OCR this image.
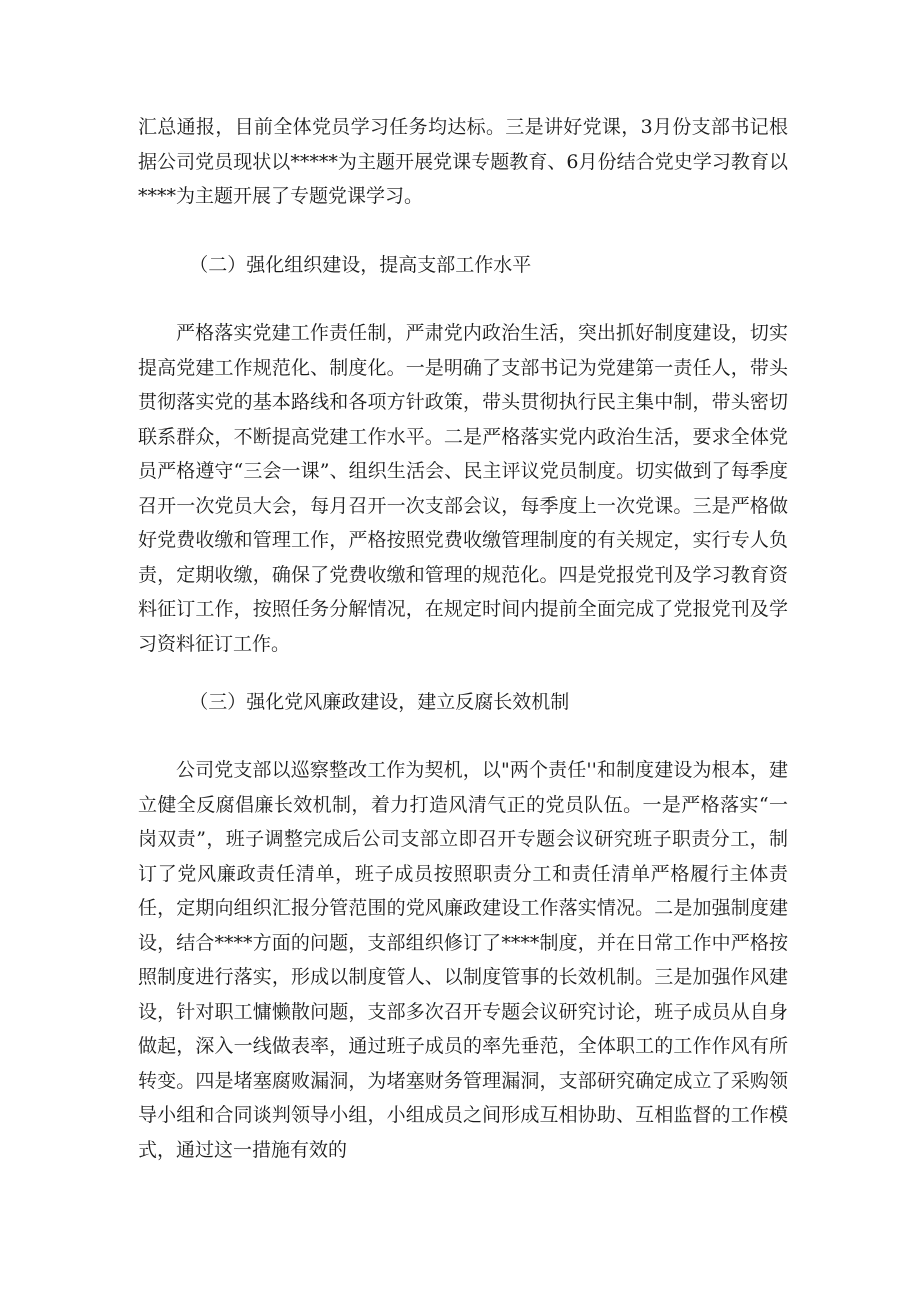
汇总通报，目前全体党员学习任务均达标。三是讲好党课，3月份支部书记根据公司党员现状以*****为主题开展党课专题教育、6月份结合党史学习教育以****为主题开展了专题党课学习。

（二）强化组织建设，提高支部工作水平

严格落实党建工作责任制，严肃党内政治生活，突出抓好制度建设，切实提高党建工作规范化、制度化。一是明确了支部书记为党建第一责任人，带头贯彻落实党的基本路线和各项方针政策，带头贯彻执行民主集中制，带头密切联系群众，不断提高党建工作水平。二是严格落实党内政治生活，要求全体党员严格遵守“三会一课”、组织生活会、民主评议党员制度。切实做到了每季度召开一次党员大会，每月召开一次支部会议，每季度上一次党课。三是严格做好党费收缴和管理工作，严格按照党费收缴管理制度的有关规定，实行专人负责，定期收缴，确保了党费收缴和管理的规范化。四是党报党刊及学习教育资料征订工作，按照任务分解情况，在规定时间内提前全面完成了党报党刊及学习资料征订工作。

（三）强化党风廉政建设，建立反腐长效机制

公司党支部以巡察整改工作为契机，以"两个责任''和制度建设为根本，建立健全反腐倡廉长效机制，着力打造风清气正的党员队伍。一是严格落实“一岗双责”，班子调整完成后公司支部立即召开专题会议研究班子职责分工，制订了党风廉政责任清单，班子成员按照职责分工和责任清单严格履行主体责任，定期向组织汇报分管范围的党风廉政建设工作落实情况。二是加强制度建设，结合****方面的问题，支部组织修订了****制度，并在日常工作中严格按照制度进行落实，形成以制度管人、以制度管事的长效机制。三是加强作风建设，针对职工慵懒散问题，支部多次召开专题会议研究讨论，班子成员从自身做起，深入一线做表率，通过班子成员的率先垂范，全体职工的工作作风有所转变。四是堵塞腐败漏洞，为堵塞财务管理漏洞，支部研究确定成立了采购领导小组和合同谈判领导小组，小组成员之间形成互相协助、互相监督的工作模式，通过这一措施有效的
